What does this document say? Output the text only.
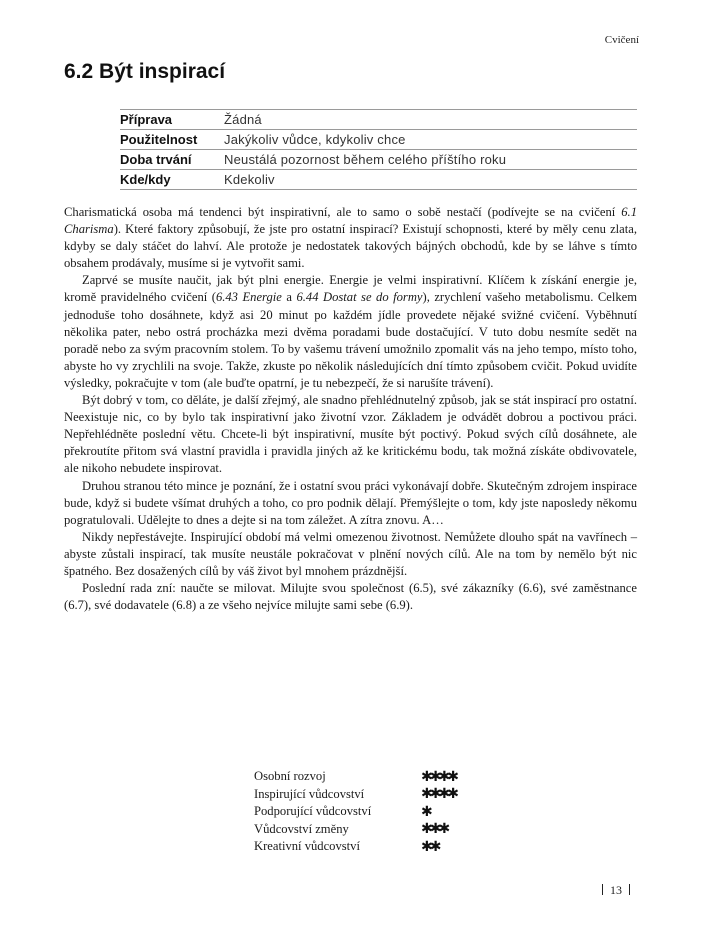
Cvičení
6.2 Být inspirací
Příprava	Žádná
Použitelnost	Jakýkoliv vůdce, kdykoliv chce
Doba trvání	Neustálá pozornost během celého příštího roku
Kde/kdy	Kdekoliv

Charismatická osoba má tendenci být inspirativní, ale to samo o sobě nestačí (podívejte se na cvičení 6.1 Charisma). Které faktory způsobují, že jste pro ostatní inspirací? Existují schopnosti, které by měly cenu zlata, kdyby se daly stáčet do lahví. Ale protože je nedostatek takových bájných obchodů, kde by se láhve s tímto obsahem prodávaly, musíme si je vytvořit sami.

Zaprvé se musíte naučit, jak být plni energie. Energie je velmi inspirativní. Klíčem k získání energie je, kromě pravidelného cvičení (6.43 Energie a 6.44 Dostat se do formy), zrychlení vašeho metabolismu. Celkem jednoduše toho dosáhnete, když asi 20 minut po každém jídle provedete nějaké svižné cvičení. Vyběhnutí několika pater, nebo ostrá procházka mezi dvěma poradami bude dostačující. V tuto dobu nesmíte sedět na poradě nebo za svým pracovním stolem. To by vašemu trávení umožnilo zpomalit vás na jeho tempo, místo toho, abyste ho vy zrychlili na svoje. Takže, zkuste po několik následujících dní tímto způsobem cvičit. Pokud uvidíte výsledky, pokračujte v tom (ale buďte opatrní, je tu nebezpečí, že si narušíte trávení).

Být dobrý v tom, co děláte, je další zřejmý, ale snadno přehlédnutelný způsob, jak se stát inspirací pro ostatní. Neexistuje nic, co by bylo tak inspirativní jako životní vzor. Základem je odvádět dobrou a poctivou práci. Nepřehlédněte poslední větu. Chcete-li být inspirativní, musíte být poctivý. Pokud svých cílů dosáhnete, ale překroutíte přitom svá vlastní pravidla i pravidla jiných až ke kritickému bodu, tak možná získáte obdivovatele, ale nikoho nebudete inspirovat.

Druhou stranou této mince je poznání, že i ostatní svou práci vykonávají dobře. Skutečným zdrojem inspirace bude, když si budete všímat druhých a toho, co pro podnik dělají. Přemýšlejte o tom, kdy jste naposledy někomu pogratulovali. Udělejte to dnes a dejte si na tom záležet. A zítra znovu. A…

Nikdy nepřestávejte. Inspirující období má velmi omezenou životnost. Nemůžete dlouho spát na vavřínech – abyste zůstali inspirací, tak musíte neustále pokračovat v plnění nových cílů. Ale na tom by nemělo být nic špatného. Bez dosažených cílů by váš život byl mnohem prázdnější.

Poslední rada zní: naučte se milovat. Milujte svou společnost (6.5), své zákazníky (6.6), své zaměstnance (6.7), své dodavatele (6.8) a ze všeho nejvíce milujte sami sebe (6.9).

Osobní rozvoj	✱✱✱✱
Inspirující vůdcovství	✱✱✱✱
Podporující vůdcovství	✱
Vůdcovství změny	✱✱✱
Kreativní vůdcovství	✱✱
13
